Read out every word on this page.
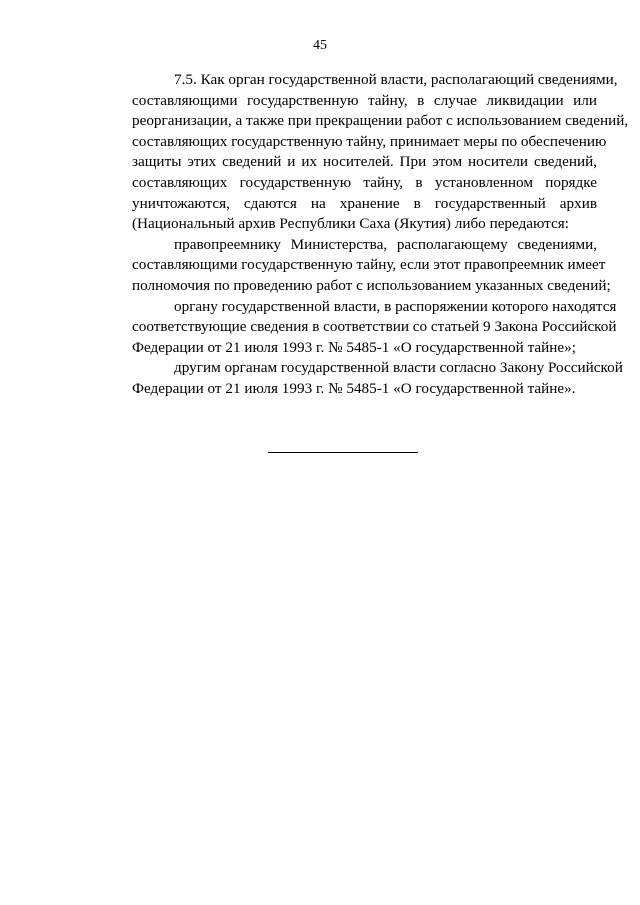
45
7.5. Как орган государственной власти, располагающий сведениями,
составляющими государственную тайну, в случае ликвидации или
реорганизации, а также при прекращении работ с использованием сведений,
составляющих государственную тайну, принимает меры по обеспечению
защиты этих сведений и их носителей. При этом носители сведений,
составляющих государственную тайну, в установленном порядке
уничтожаются, сдаются на хранение в государственный архив
(Национальный архив Республики Саха (Якутия) либо передаются:
правопреемнику Министерства, располагающему сведениями,
составляющими государственную тайну, если этот правопреемник имеет
полномочия по проведению работ с использованием указанных сведений;
органу государственной власти, в распоряжении которого находятся
соответствующие сведения в соответствии со статьей 9 Закона Российской
Федерации от 21 июля 1993 г. № 5485-1 «О государственной тайне»;
другим органам государственной власти согласно Закону Российской
Федерации от 21 июля 1993 г. № 5485-1 «О государственной тайне».
